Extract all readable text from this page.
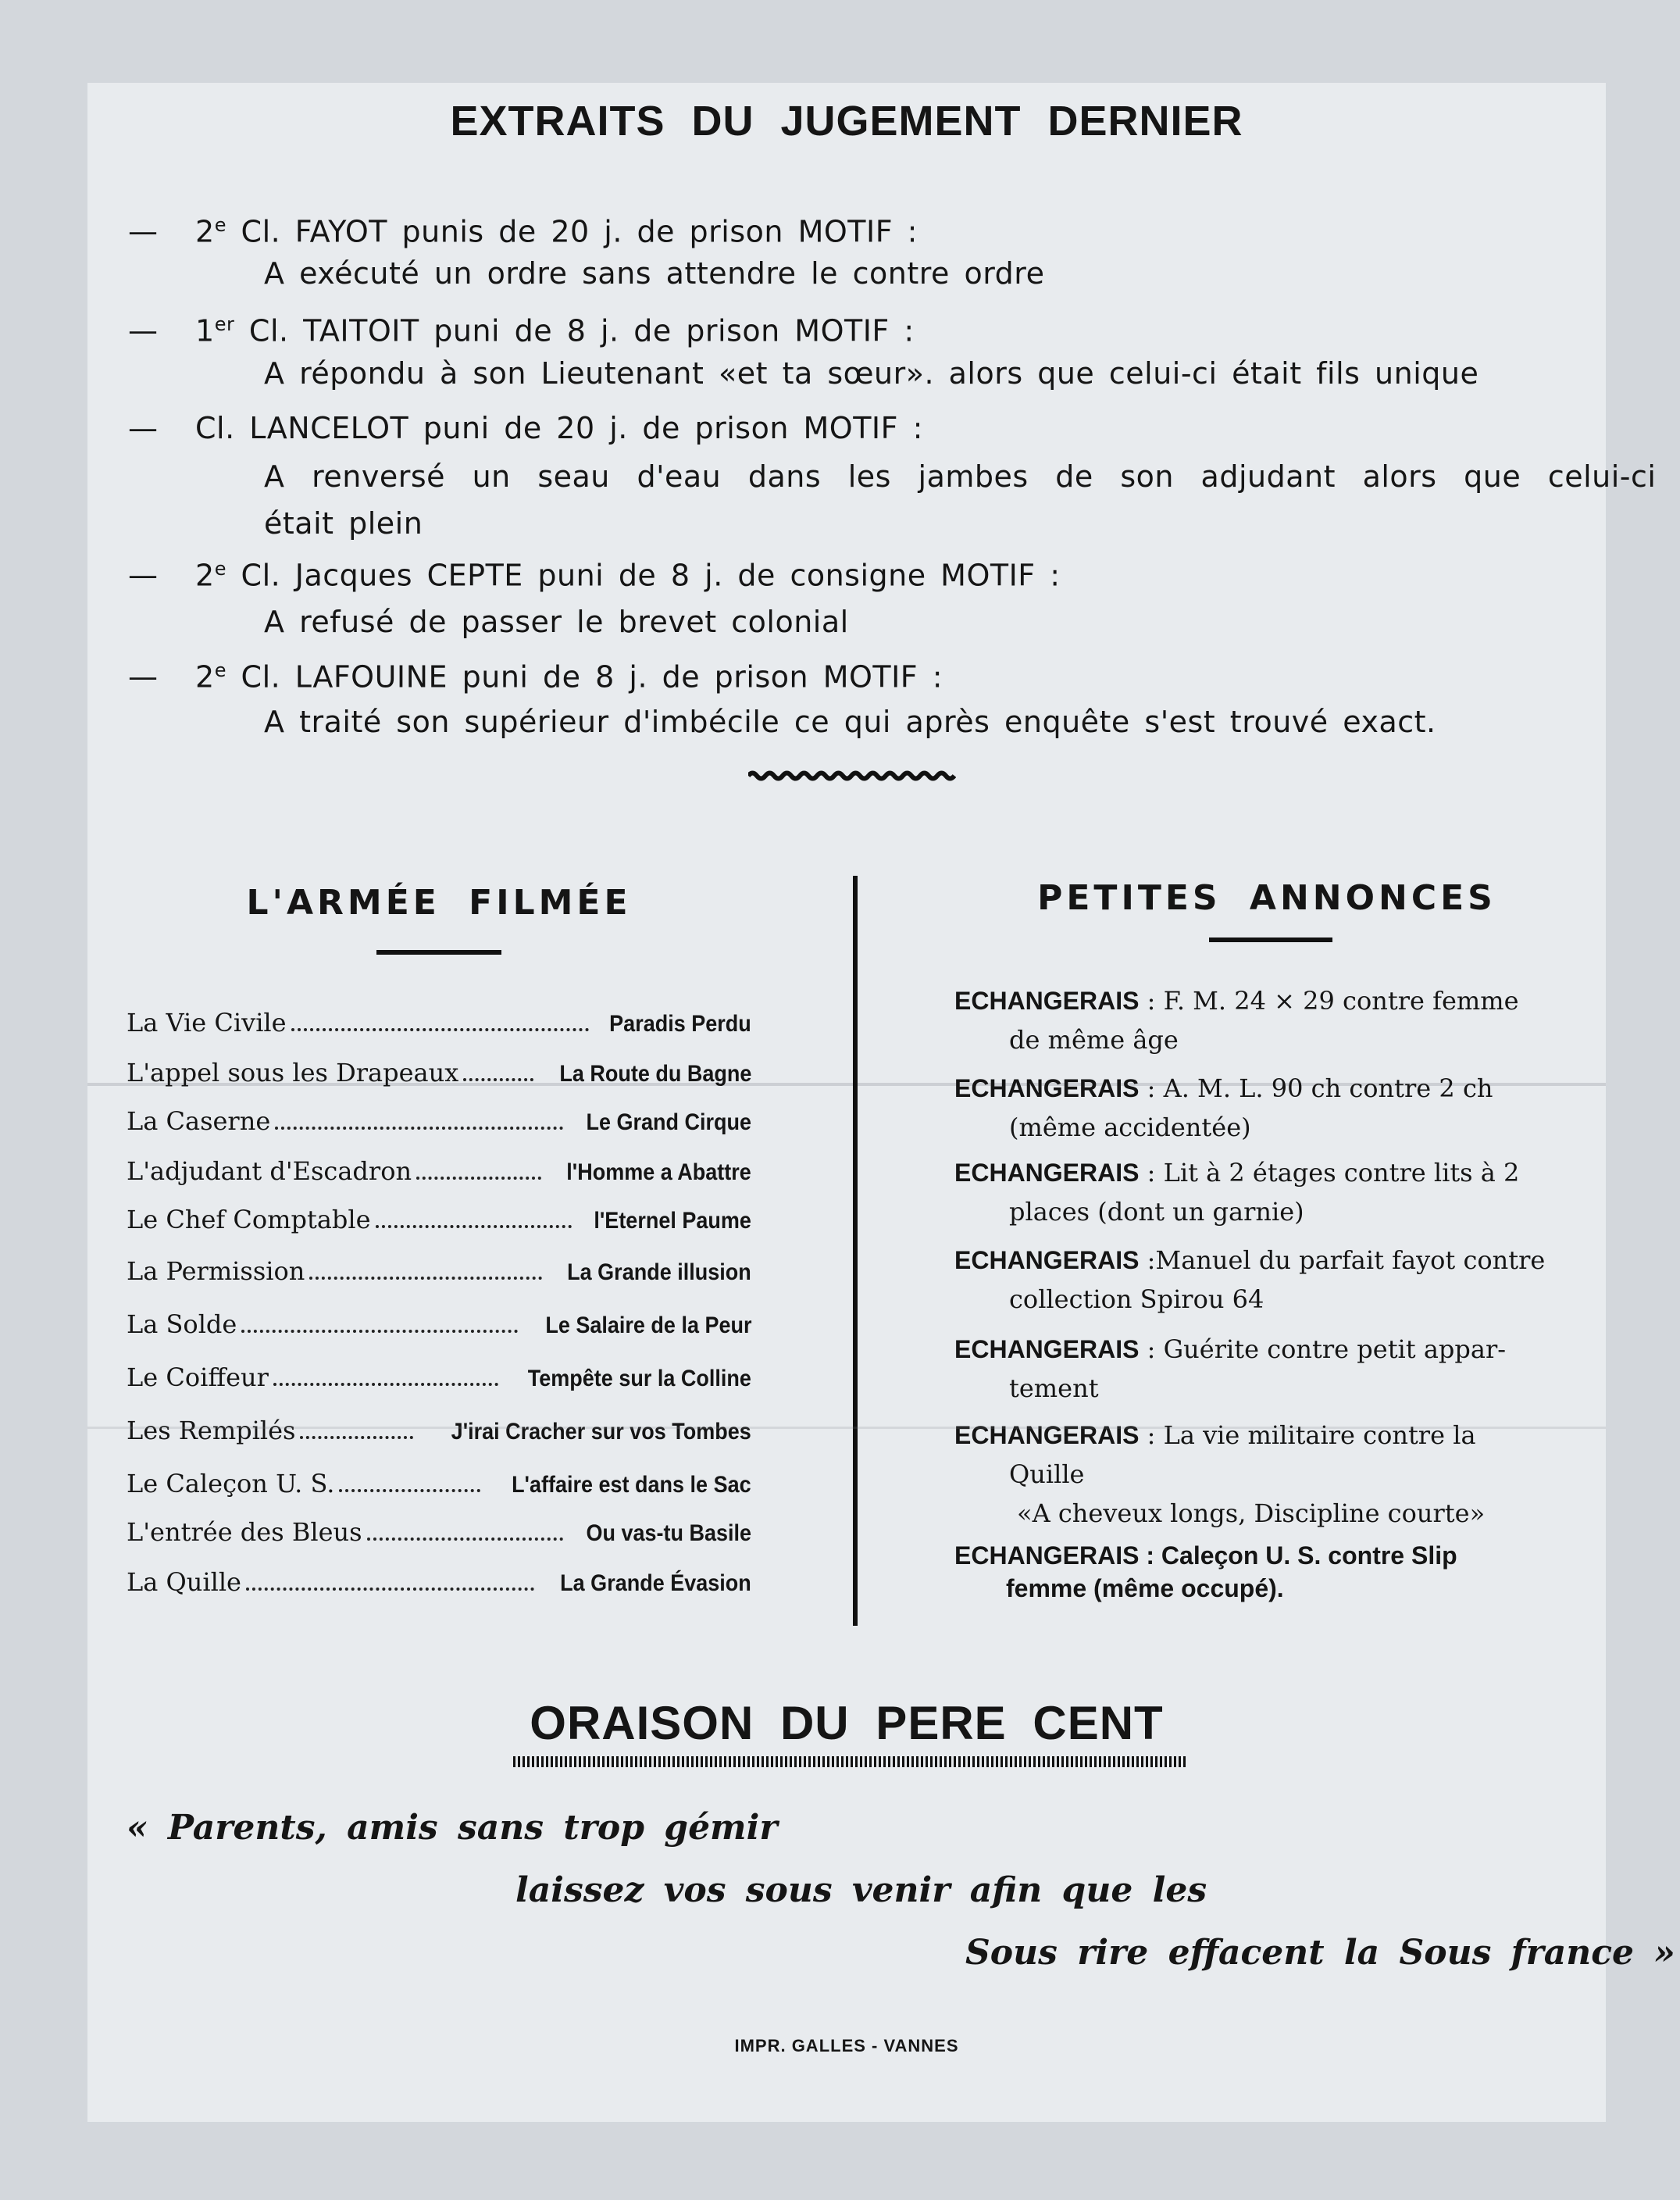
EXTRAITS DU JUGEMENT DERNIER
— 2e Cl. FAYOT punis de 20 j. de prison MOTIF :
A exécuté un ordre sans attendre le contre ordre
— 1er Cl. TAITOIT puni de 8 j. de prison MOTIF :
A répondu à son Lieutenant «et ta sœur». alors que celui-ci était fils unique
— Cl. LANCELOT puni de 20 j. de prison MOTIF :
A renversé un seau d'eau dans les jambes de son adjudant alors que celui-ci
était plein
— 2e Cl. Jacques CEPTE puni de 8 j. de consigne MOTIF :
A refusé de passer le brevet colonial
— 2e Cl. LAFOUINE puni de 8 j. de prison MOTIF :
A traité son supérieur d'imbécile ce qui après enquête s'est trouvé exact.
L'ARMÉE FILMÉE
La Vie Civile	Paradis Perdu
L'appel sous les Drapeaux	La Route du Bagne
La Caserne	Le Grand Cirque
L'adjudant d'Escadron	l'Homme a Abattre
Le Chef Comptable	l'Eternel Paume
La Permission	La Grande illusion
La Solde	Le Salaire de la Peur
Le Coiffeur	Tempête sur la Colline
Les Rempilés	J'irai Cracher sur vos Tombes
Le Caleçon U. S.	L'affaire est dans le Sac
L'entrée des Bleus	Ou vas-tu Basile
La Quille	La Grande Évasion
PETITES ANNONCES
ECHANGERAIS : F. M. 24 × 29 contre femme
de même âge
ECHANGERAIS : A. M. L. 90 ch contre 2 ch
(même accidentée)
ECHANGERAIS : Lit à 2 étages contre lits à 2
places (dont un garnie)
ECHANGERAIS :Manuel du parfait fayot contre
collection Spirou 64
ECHANGERAIS : Guérite contre petit appar-
tement
ECHANGERAIS : La vie militaire contre la
Quille
«A cheveux longs, Discipline courte»
ECHANGERAIS : Caleçon U. S. contre Slip
femme (même occupé).
ORAISON DU PERE CENT
« Parents, amis sans trop gémir
laissez vos sous venir afin que les
Sous rire effacent la Sous france »
IMPR. GALLES - VANNES
